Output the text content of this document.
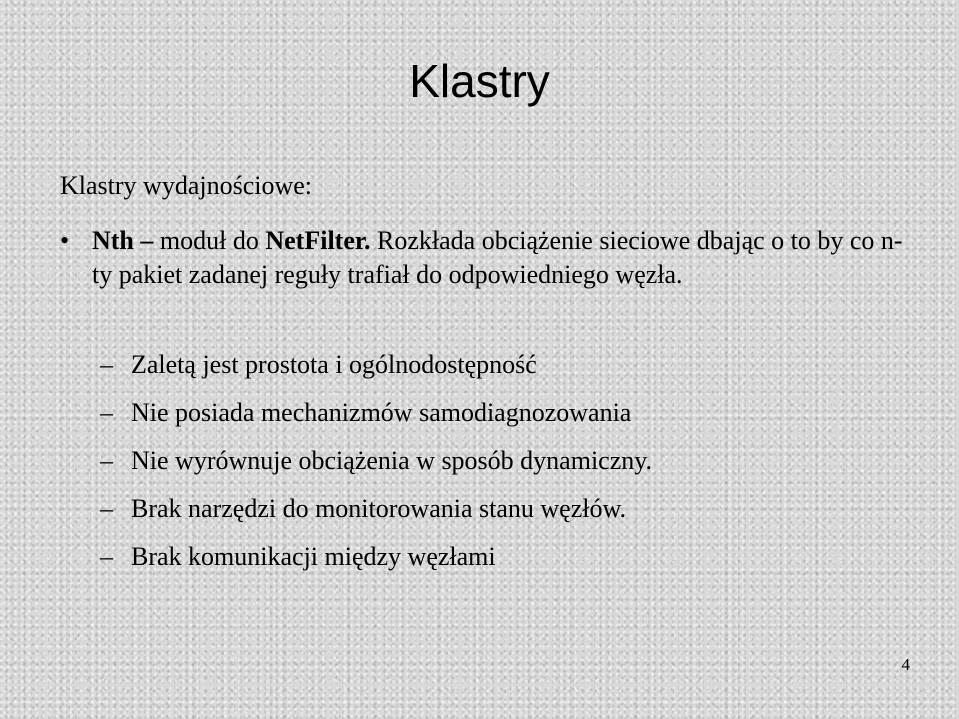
Klastry
Klastry wydajnościowe:
• Nth – moduł do NetFilter. Rozkłada obciążenie sieciowe dbając o to by co n-ty pakiet zadanej reguły trafiał do odpowiedniego węzła.
– Zaletą jest prostota i ogólnodostępność
– Nie posiada mechanizmów samodiagnozowania
– Nie wyrównuje obciążenia w sposób dynamiczny.
– Brak narzędzi do monitorowania stanu węzłów.
– Brak komunikacji między węzłami
4
